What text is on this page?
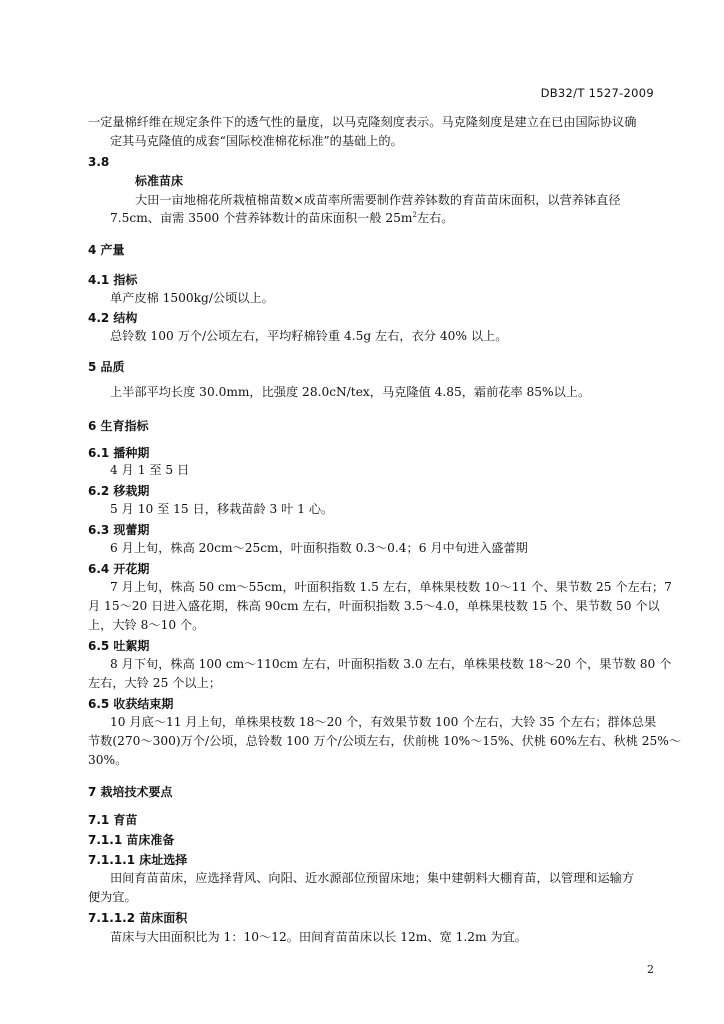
DB32/T 1527-2009
一定量棉纤维在规定条件下的透气性的量度，以马克隆刻度表示。马克隆刻度是建立在已由国际协议确
定其马克隆值的成套“国际校准棉花标准”的基础上的。
3.8
标准苗床
大田一亩地棉花所栽植棉苗数×成苗率所需要制作营养钵数的育苗苗床面积，以营养钵直径
7.5cm、亩需 3500 个营养钵数计的苗床面积一般 $25m^2$左右。
4 产量
4.1 指标
单产皮棉 1500kg/公顷以上。
4.2 结构
总铃数 100 万个/公顷左右，平均籽棉铃重 4.5g 左右，衣分 40% 以上。
5 品质
上半部平均长度 30.0mm，比强度 28.0cN/tex，马克隆值 4.85，霜前花率 85%以上。
6 生育指标
6.1 播种期
4 月 1 至 5 日
6.2 移栽期
5 月 10 至 15 日，移栽苗龄 3 叶 1 心。
6.3 现蕾期
6 月上旬，株高 20cm～25cm，叶面积指数 0.3～0.4；6 月中旬进入盛蕾期
6.4 开花期
7 月上旬，株高 50 cm～55cm，叶面积指数 1.5 左右，单株果枝数 10～11 个、果节数 25 个左右；7
月 15～20 日进入盛花期，株高 90cm 左右，叶面积指数 3.5～4.0，单株果枝数 15 个、果节数 50 个以
上，大铃 8～10 个。
6.5 吐絮期
8 月下旬，株高 100 cm～110cm 左右，叶面积指数 3.0 左右，单株果枝数 18～20 个，果节数 80 个
左右，大铃 25 个以上；
6.5 收获结束期
10 月底～11 月上旬，单株果枝数 18～20 个，有效果节数 100 个左右，大铃 35 个左右；群体总果
节数(270～300)万个/公顷，总铃数 100 万个/公顷左右，伏前桃 10%～15%、伏桃 60%左右、秋桃 25%～
30%。
7 栽培技术要点
7.1 育苗
7.1.1 苗床准备
7.1.1.1 床址选择
田间育苗苗床，应选择背风、向阳、近水源部位预留床地；集中建朝料大棚育苗，以管理和运输方
便为宜。
7.1.1.2 苗床面积
苗床与大田面积比为 1：10～12。田间育苗苗床以长 12m、宽 1.2m 为宜。
2
